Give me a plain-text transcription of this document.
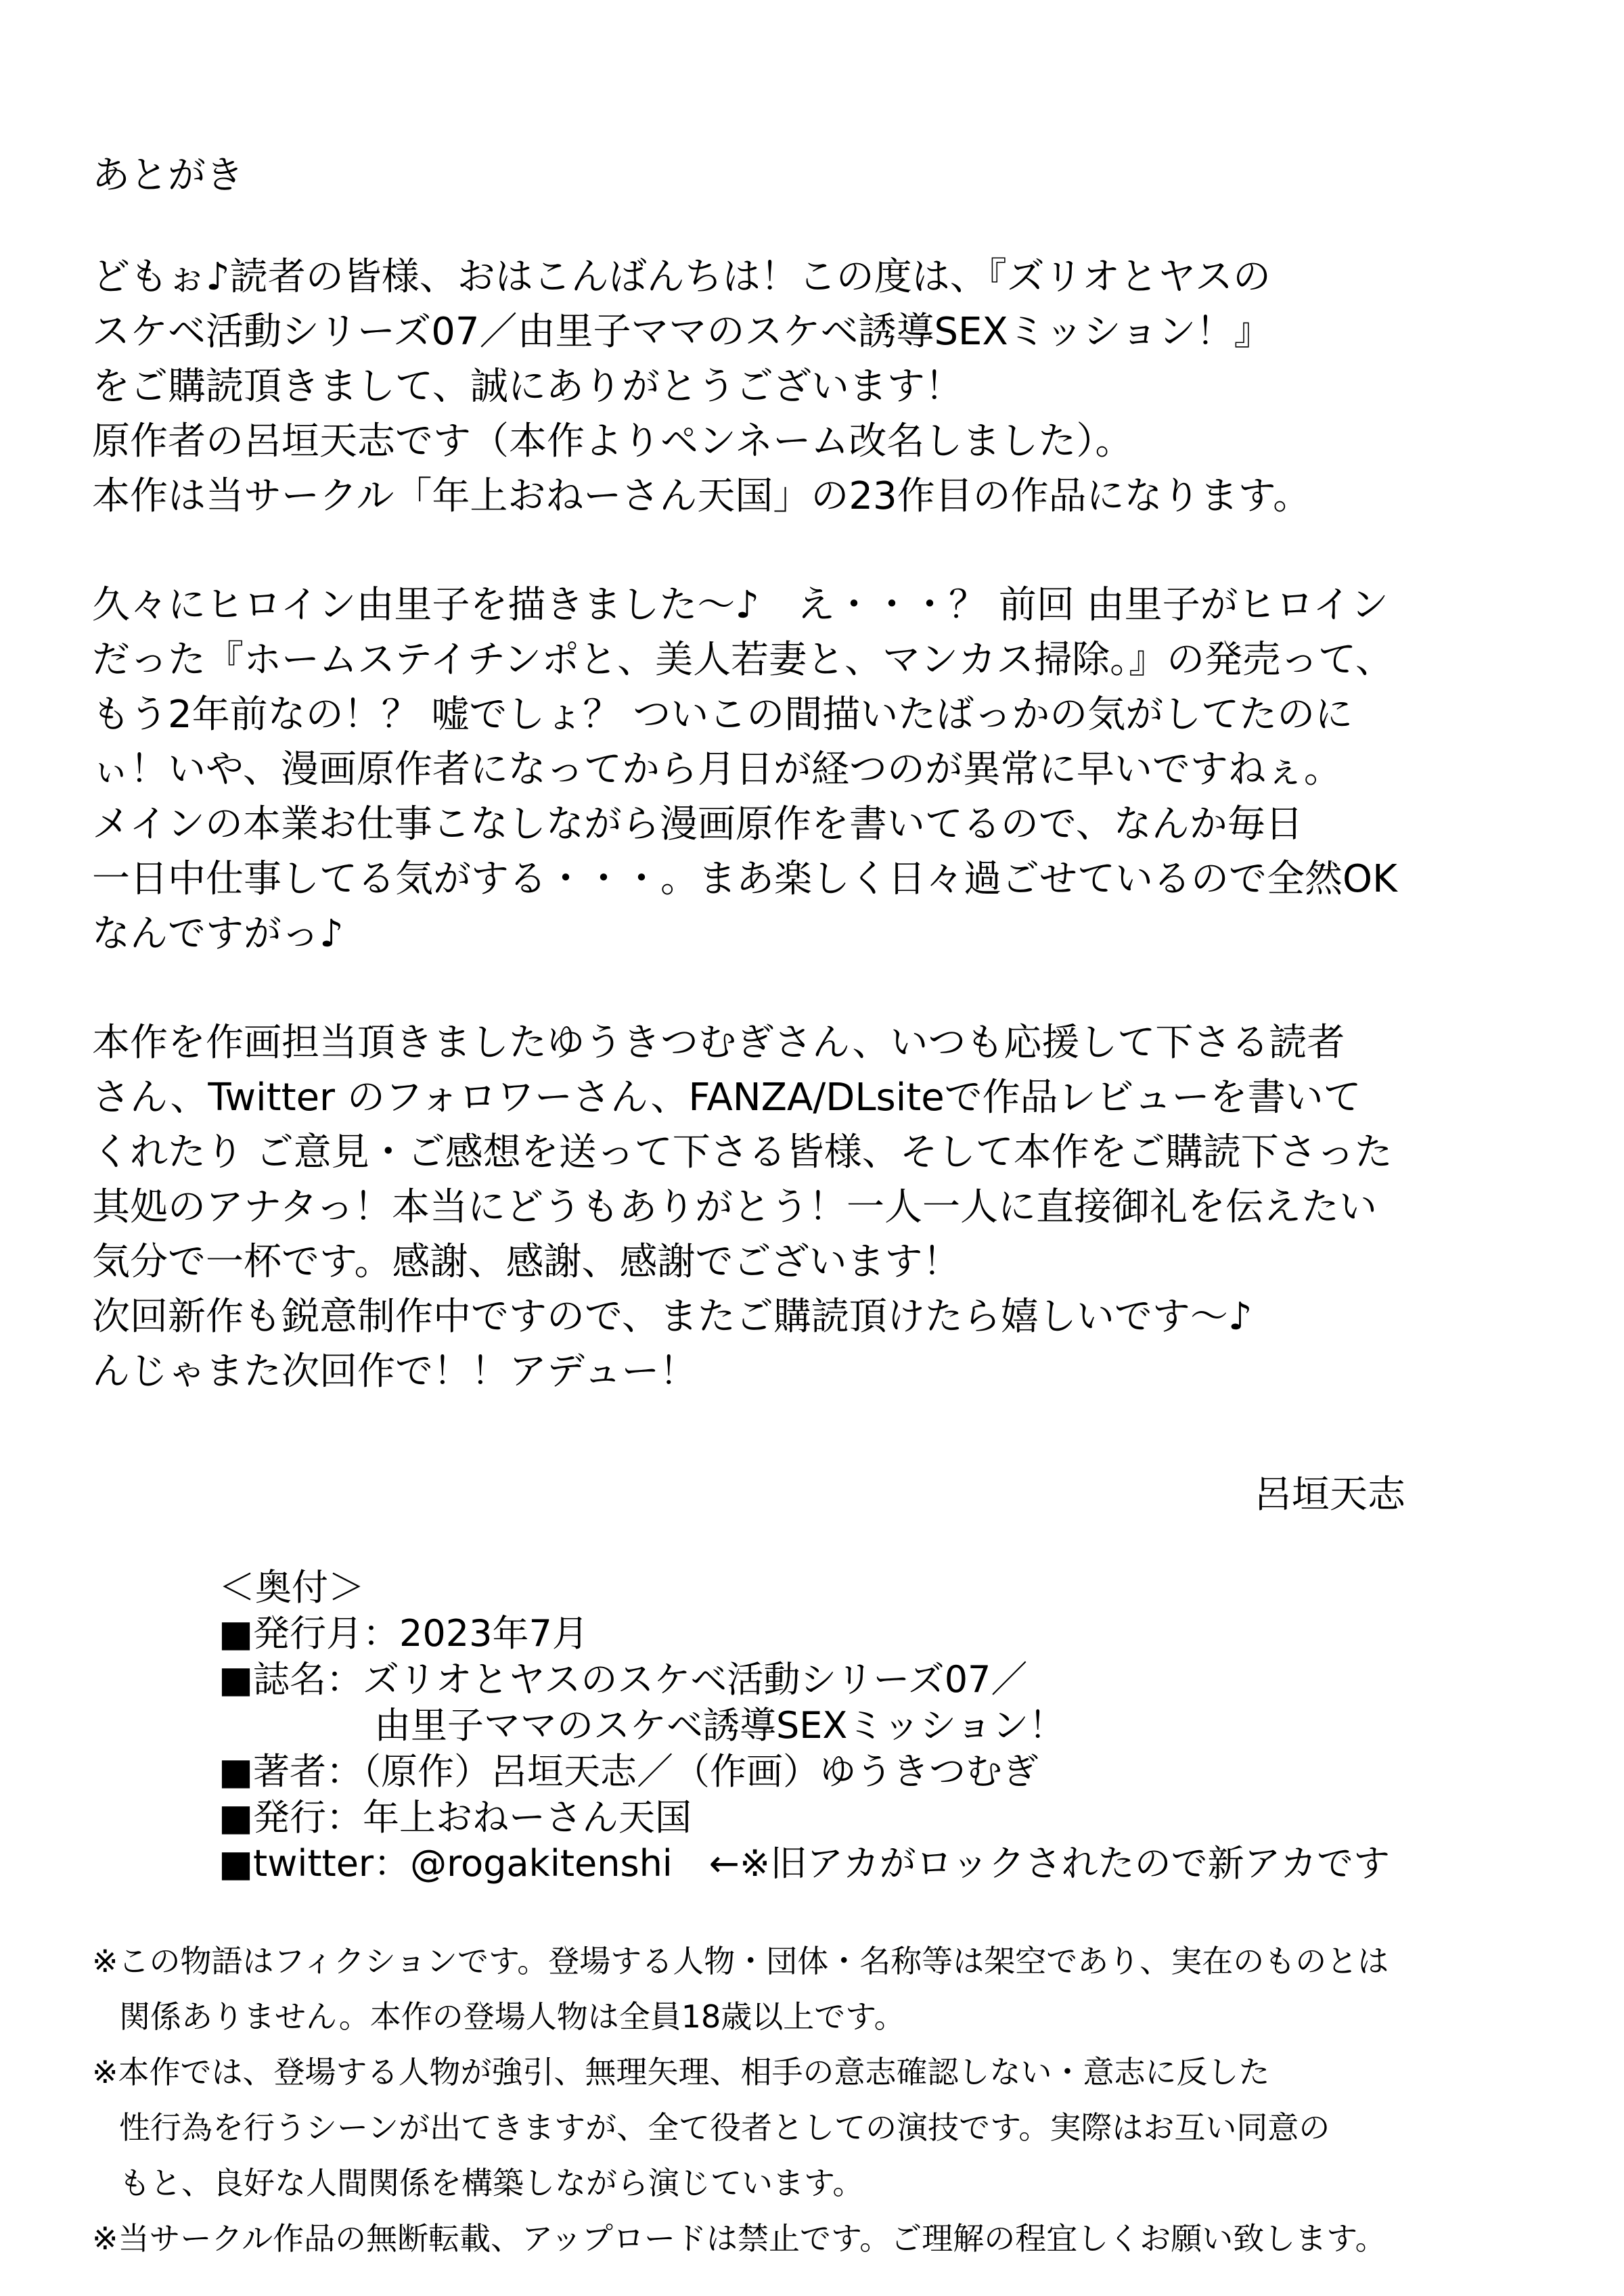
あとがき
どもぉ♪読者の皆様、おはこんばんちは！この度は、『ズリオとヤスの
スケベ活動シリーズ07／由里子ママのスケベ誘導SEXミッション！』
をご購読頂きまして、誠にありがとうございます！
原作者の呂垣天志です（本作よりペンネーム改名しました）。
本作は当サークル「年上おねーさん天国」の23作目の作品になります。
久々にヒロイン由里子を描きました～♪　え・・・？ 前回 由里子がヒロイン
だった『ホームステイチンポと、美人若妻と、マンカス掃除。』の発売って、
もう2年前なの！？ 嘘でしょ？ ついこの間描いたばっかの気がしてたのに
ぃ！いや、漫画原作者になってから月日が経つのが異常に早いですねぇ。
メインの本業お仕事こなしながら漫画原作を書いてるので、なんか毎日
一日中仕事してる気がする・・・。まあ楽しく日々過ごせているので全然OK
なんですがっ♪
本作を作画担当頂きましたゆうきつむぎさん、いつも応援して下さる読者
さん、Twitter のフォロワーさん、FANZA/DLsiteで作品レビューを書いて
くれたり ご意見・ご感想を送って下さる皆様、そして本作をご購読下さった
其処のアナタっ！本当にどうもありがとう！一人一人に直接御礼を伝えたい
気分で一杯です。感謝、感謝、感謝でございます！
次回新作も鋭意制作中ですので、またご購読頂けたら嬉しいです～♪
んじゃまた次回作で！！アデュー！
呂垣天志
＜奥付＞
■発行月：2023年7月
■誌名：ズリオとヤスのスケベ活動シリーズ07／
由里子ママのスケベ誘導SEXミッション！
■著者：（原作）呂垣天志／（作画）ゆうきつむぎ
■発行：年上おねーさん天国
■twitter：@rogakitenshi　←※旧アカがロックされたので新アカです
※この物語はフィクションです。登場する人物・団体・名称等は架空であり、実在のものとは
関係ありません。本作の登場人物は全員18歳以上です。
※本作では、登場する人物が強引、無理矢理、相手の意志確認しない・意志に反した
性行為を行うシーンが出てきますが、全て役者としての演技です。実際はお互い同意の
もと、良好な人間関係を構築しながら演じています。
※当サークル作品の無断転載、アップロードは禁止です。ご理解の程宜しくお願い致します。
